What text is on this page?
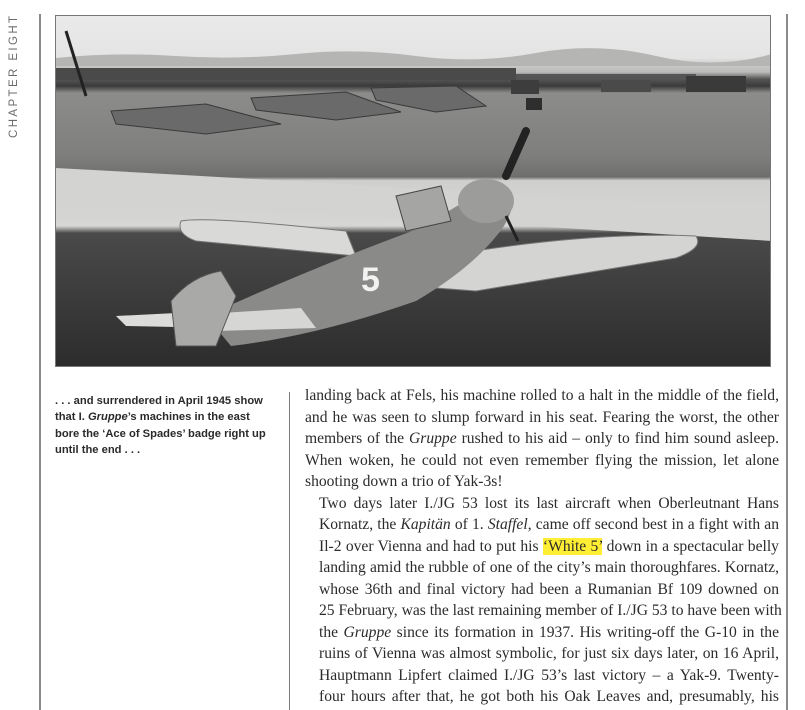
CHAPTER EIGHT
5
. . . and surrendered in April 1945 show that I. Gruppe’s machines in the east bore the ‘Ace of Spades’ badge right up until the end . . .

landing back at Fels, his machine rolled to a halt in the middle of the field,
and he was seen to slump forward in his seat. Fearing the worst, the other
members of the Gruppe rushed to his aid – only to find him sound asleep.
When woken, he could not even remember flying the mission, let alone
shooting down a trio of Yak-3s!

Two days later I./JG 53 lost its last aircraft when Oberleutnant Hans
Kornatz, the Kapitän of 1. Staffel, came off second best in a fight with an
Il-2 over Vienna and had to put his ‘White 5’ down in a spectacular belly
landing amid the rubble of one of the city’s main thoroughfares. Kornatz,
whose 36th and final victory had been a Rumanian Bf 109 downed on
25 February, was the last remaining member of I./JG 53 to have been with
the Gruppe since its formation in 1937. His writing-off the G-10 in the
ruins of Vienna was almost symbolic, for just six days later, on 16 April,
Hauptmann Lipfert claimed I./JG 53’s last victory – a Yak-9. Twenty-
four hours after that, he got both his Oak Leaves and, presumably, his
